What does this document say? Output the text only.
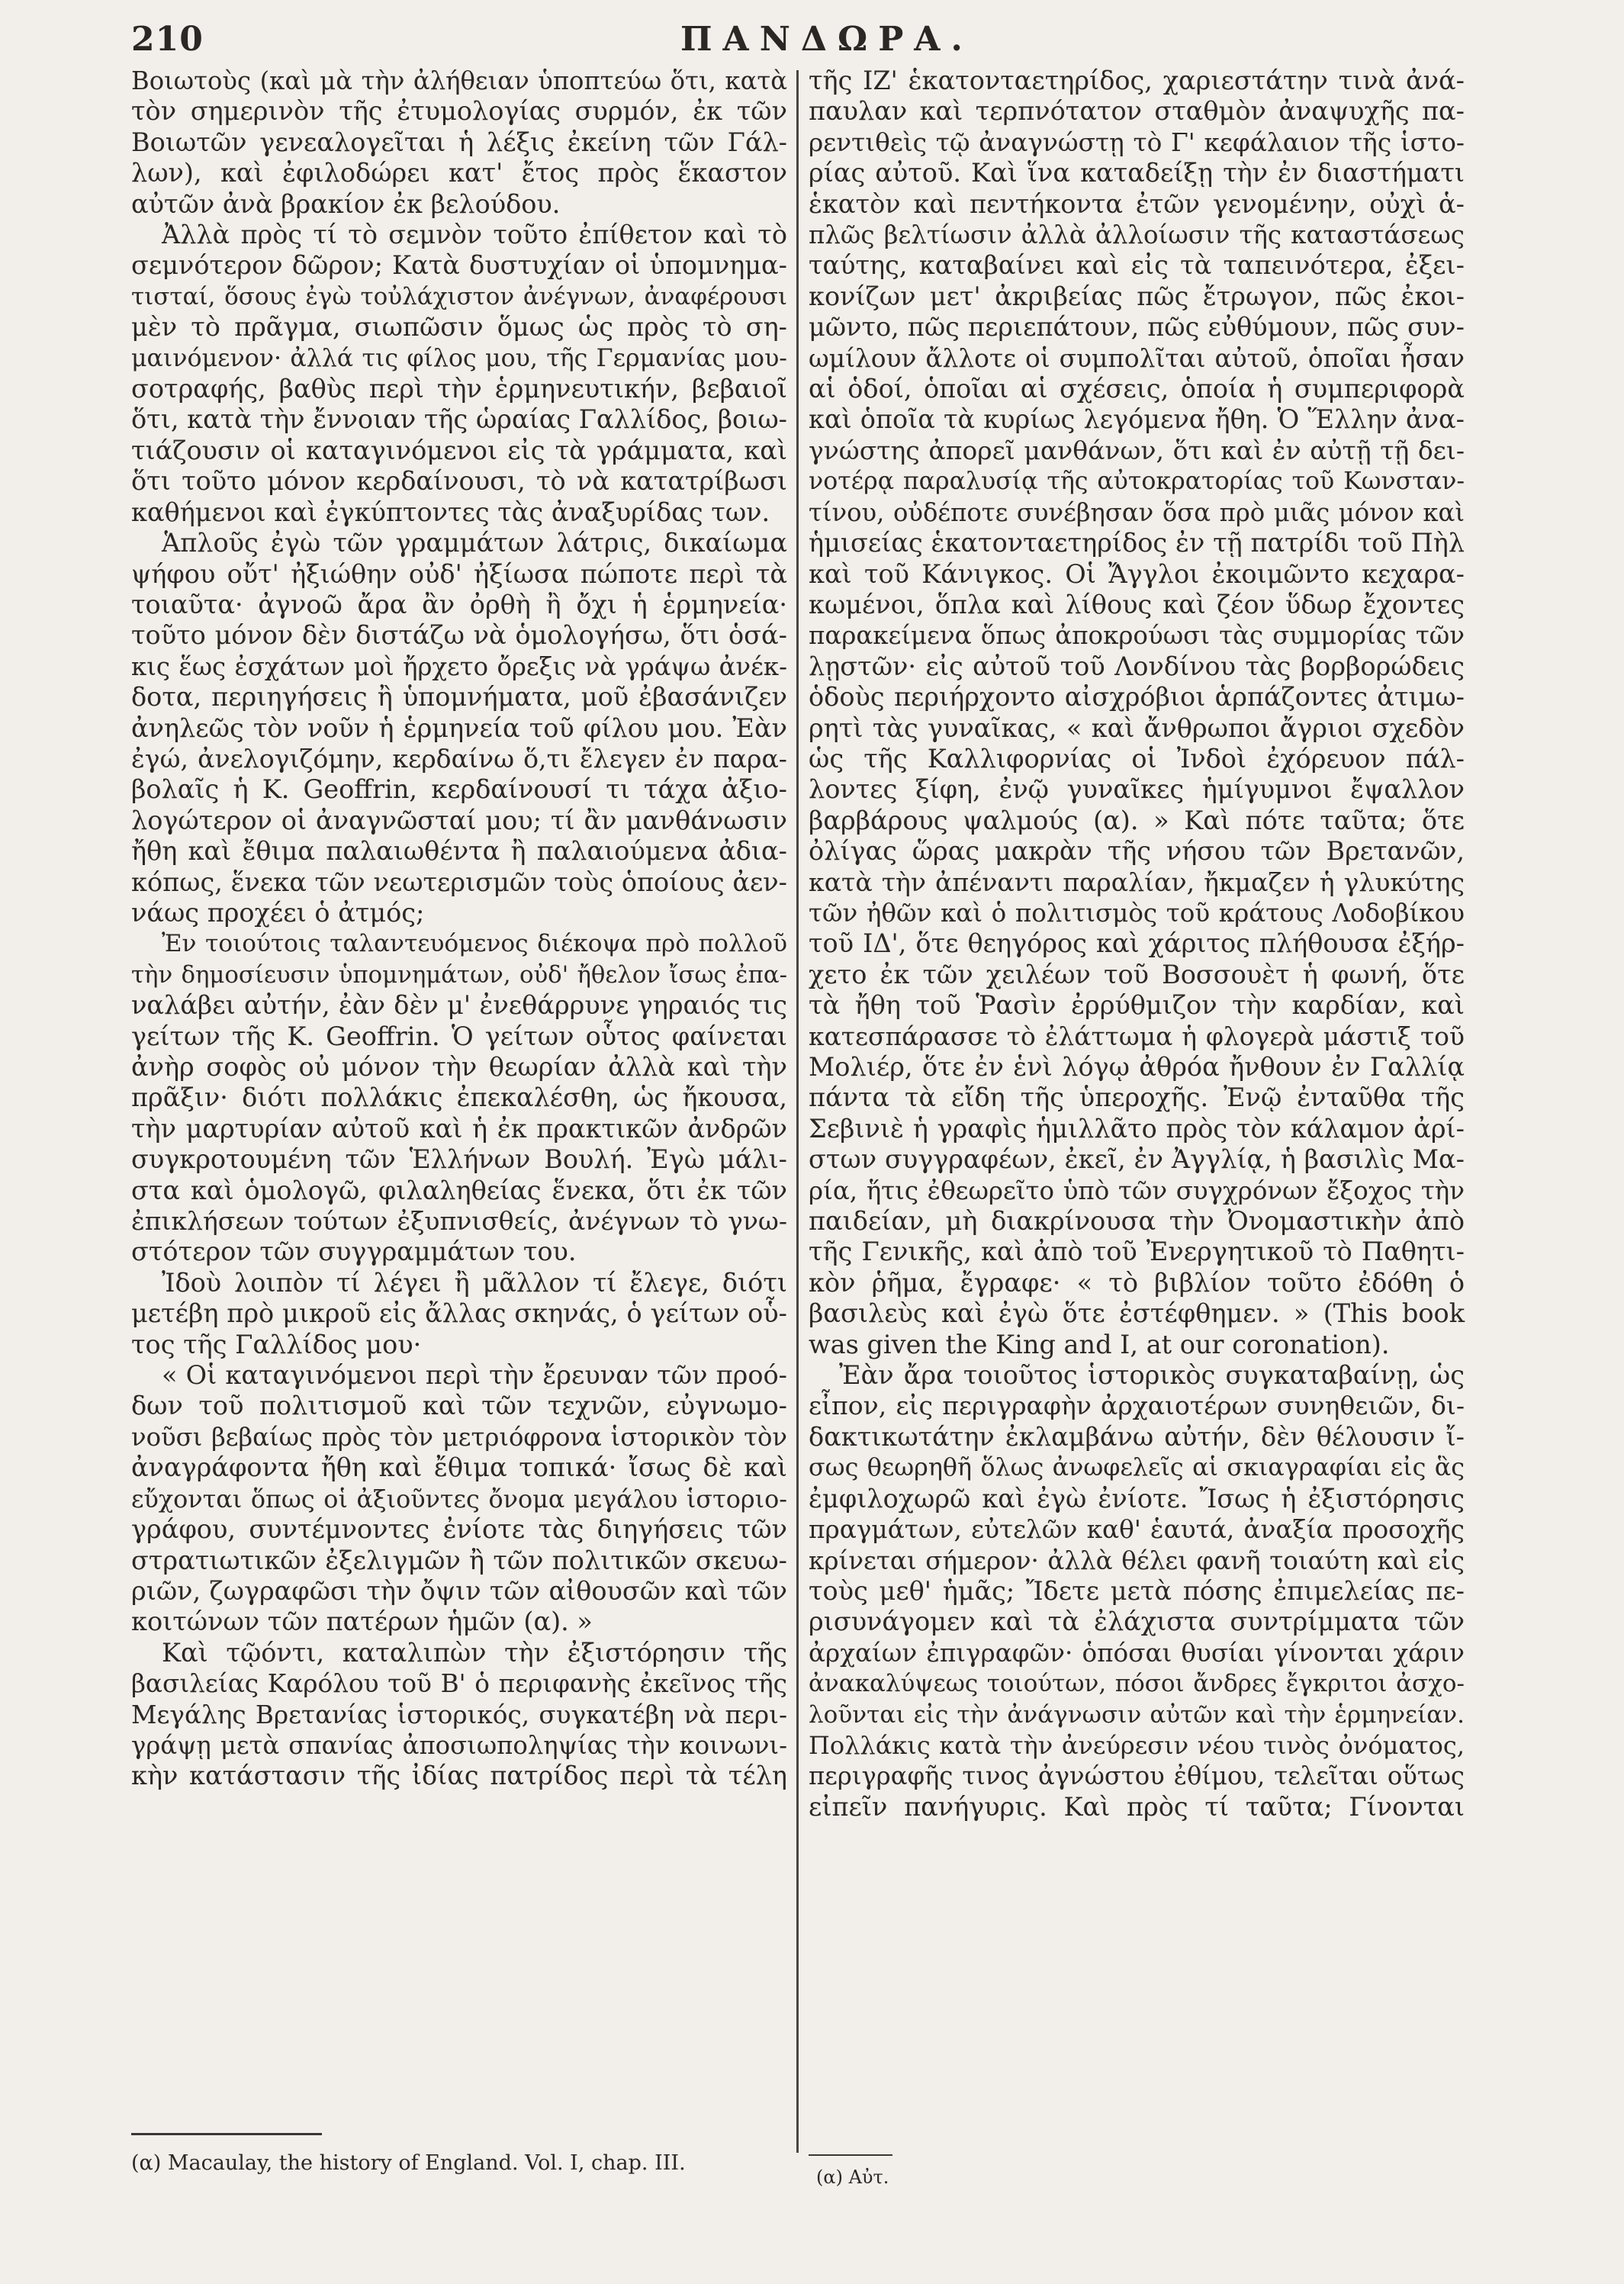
210	ΠΑΝΔΩΡΑ.
Βοιωτοὺς (καὶ μὰ τὴν ἀλήθειαν ὑποπτεύω ὅτι, κατὰ
τὸν σημερινὸν τῆς ἐτυμολογίας συρμόν, ἐκ τῶν
Βοιωτῶν γενεαλογεῖται ἡ λέξις ἐκείνη τῶν Γάλ-
λων), καὶ ἐφιλοδώρει κατ' ἔτος πρὸς ἕκαστον
αὐτῶν ἀνὰ βρακίον ἐκ βελούδου.
Ἀλλὰ πρὸς τί τὸ σεμνὸν τοῦτο ἐπίθετον καὶ τὸ
σεμνότερον δῶρον; Κατὰ δυστυχίαν οἱ ὑπομνημα-
τισταί, ὅσους ἐγὼ τοὐλάχιστον ἀνέγνων, ἀναφέρουσι
μὲν τὸ πρᾶγμα, σιωπῶσιν ὅμως ὡς πρὸς τὸ ση-
μαινόμενον· ἀλλά τις φίλος μου, τῆς Γερμανίας μου-
σοτραφής, βαθὺς περὶ τὴν ἑρμηνευτικήν, βεβαιοῖ
ὅτι, κατὰ τὴν ἔννοιαν τῆς ὡραίας Γαλλίδος, βοιω-
τιάζουσιν οἱ καταγινόμενοι εἰς τὰ γράμματα, καὶ
ὅτι τοῦτο μόνον κερδαίνουσι, τὸ νὰ κατατρίβωσι
καθήμενοι καὶ ἐγκύπτοντες τὰς ἀναξυρίδας των.
Ἁπλοῦς ἐγὼ τῶν γραμμάτων λάτρις, δικαίωμα
ψήφου οὔτ' ἠξιώθην οὐδ' ἠξίωσα πώποτε περὶ τὰ
τοιαῦτα· ἀγνοῶ ἄρα ἂν ὀρθὴ ἢ ὄχι ἡ ἑρμηνεία·
τοῦτο μόνον δὲν διστάζω νὰ ὁμολογήσω, ὅτι ὁσά-
κις ἕως ἐσχάτων μοὶ ἤρχετο ὄρεξις νὰ γράψω ἀνέκ-
δοτα, περιηγήσεις ἢ ὑπομνήματα, μοῦ ἐβασάνιζεν
ἀνηλεῶς τὸν νοῦν ἡ ἑρμηνεία τοῦ φίλου μου. Ἐὰν
ἐγώ, ἀνελογιζόμην, κερδαίνω ὅ,τι ἔλεγεν ἐν παρα-
βολαῖς ἡ K. Geoffrin, κερδαίνουσί τι τάχα ἀξιο-
λογώτερον οἱ ἀναγνῶσταί μου; τί ἂν μανθάνωσιν
ἤθη καὶ ἔθιμα παλαιωθέντα ἢ παλαιούμενα ἀδια-
κόπως, ἕνεκα τῶν νεωτερισμῶν τοὺς ὁποίους ἀεν-
νάως προχέει ὁ ἀτμός;
Ἐν τοιούτοις ταλαντευόμενος διέκοψα πρὸ πολλοῦ
τὴν δημοσίευσιν ὑπομνημάτων, οὐδ' ἤθελον ἴσως ἐπα-
ναλάβει αὐτήν, ἐὰν δὲν μ' ἐνεθάρρυνε γηραιός τις
γείτων τῆς K. Geoffrin. Ὁ γείτων οὗτος φαίνεται
ἀνὴρ σοφὸς οὐ μόνον τὴν θεωρίαν ἀλλὰ καὶ τὴν
πρᾶξιν· διότι πολλάκις ἐπεκαλέσθη, ὡς ἤκουσα,
τὴν μαρτυρίαν αὐτοῦ καὶ ἡ ἐκ πρακτικῶν ἀνδρῶν
συγκροτουμένη τῶν Ἑλλήνων Βουλή. Ἐγὼ μάλι-
στα καὶ ὁμολογῶ, φιλαληθείας ἕνεκα, ὅτι ἐκ τῶν
ἐπικλήσεων τούτων ἐξυπνισθείς, ἀνέγνων τὸ γνω-
στότερον τῶν συγγραμμάτων του.
Ἰδοὺ λοιπὸν τί λέγει ἢ μᾶλλον τί ἔλεγε, διότι
μετέβη πρὸ μικροῦ εἰς ἄλλας σκηνάς, ὁ γείτων οὗ-
τος τῆς Γαλλίδος μου·
« Οἱ καταγινόμενοι περὶ τὴν ἔρευναν τῶν προό-
δων τοῦ πολιτισμοῦ καὶ τῶν τεχνῶν, εὐγνωμο-
νοῦσι βεβαίως πρὸς τὸν μετριόφρονα ἱστορικὸν τὸν
ἀναγράφοντα ἤθη καὶ ἔθιμα τοπικά· ἴσως δὲ καὶ
εὔχονται ὅπως οἱ ἀξιοῦντες ὄνομα μεγάλου ἱστοριο-
γράφου, συντέμνοντες ἐνίοτε τὰς διηγήσεις τῶν
στρατιωτικῶν ἐξελιγμῶν ἢ τῶν πολιτικῶν σκευω-
ριῶν, ζωγραφῶσι τὴν ὄψιν τῶν αἰθουσῶν καὶ τῶν
κοιτώνων τῶν πατέρων ἡμῶν (α). »
Καὶ τῷόντι, καταλιπὼν τὴν ἐξιστόρησιν τῆς
βασιλείας Καρόλου τοῦ Β' ὁ περιφανὴς ἐκεῖνος τῆς
Μεγάλης Βρετανίας ἱστορικός, συγκατέβη νὰ περι-
γράψῃ μετὰ σπανίας ἀποσιωποληψίας τὴν κοινωνι-
κὴν κατάστασιν τῆς ἰδίας πατρίδος περὶ τὰ τέλη
τῆς ΙΖ' ἑκατονταετηρίδος, χαριεστάτην τινὰ ἀνά-
παυλαν καὶ τερπνότατον σταθμὸν ἀναψυχῆς πα-
ρεντιθεὶς τῷ ἀναγνώστῃ τὸ Γ' κεφάλαιον τῆς ἱστο-
ρίας αὐτοῦ. Καὶ ἵνα καταδείξῃ τὴν ἐν διαστήματι
ἑκατὸν καὶ πεντήκοντα ἐτῶν γενομένην, οὐχὶ ἁ-
πλῶς βελτίωσιν ἀλλὰ ἀλλοίωσιν τῆς καταστάσεως
ταύτης, καταβαίνει καὶ εἰς τὰ ταπεινότερα, ἐξει-
κονίζων μετ' ἀκριβείας πῶς ἔτρωγον, πῶς ἐκοι-
μῶντο, πῶς περιεπάτουν, πῶς εὐθύμουν, πῶς συν-
ωμίλουν ἄλλοτε οἱ συμπολῖται αὐτοῦ, ὁποῖαι ἦσαν
αἱ ὁδοί, ὁποῖαι αἱ σχέσεις, ὁποία ἡ συμπεριφορὰ
καὶ ὁποῖα τὰ κυρίως λεγόμενα ἤθη. Ὁ Ἕλλην ἀνα-
γνώστης ἀπορεῖ μανθάνων, ὅτι καὶ ἐν αὐτῇ τῇ δει-
νοτέρᾳ παραλυσίᾳ τῆς αὐτοκρατορίας τοῦ Κωνσταν-
τίνου, οὐδέποτε συνέβησαν ὅσα πρὸ μιᾶς μόνον καὶ
ἡμισείας ἑκατονταετηρίδος ἐν τῇ πατρίδι τοῦ Πὴλ
καὶ τοῦ Κάνιγκος. Οἱ Ἄγγλοι ἐκοιμῶντο κεχαρα-
κωμένοι, ὅπλα καὶ λίθους καὶ ζέον ὕδωρ ἔχοντες
παρακείμενα ὅπως ἀποκρούωσι τὰς συμμορίας τῶν
λῃστῶν· εἰς αὐτοῦ τοῦ Λονδίνου τὰς βορβορώδεις
ὁδοὺς περιήρχοντο αἰσχρόβιοι ἁρπάζοντες ἀτιμω-
ρητὶ τὰς γυναῖκας, « καὶ ἄνθρωποι ἄγριοι σχεδὸν
ὡς τῆς Καλλιφορνίας οἱ Ἰνδοὶ ἐχόρευον πάλ-
λοντες ξίφη, ἐνῷ γυναῖκες ἡμίγυμνοι ἔψαλλον
βαρβάρους ψαλμούς (α). » Καὶ πότε ταῦτα; ὅτε
ὀλίγας ὥρας μακρὰν τῆς νήσου τῶν Βρετανῶν,
κατὰ τὴν ἀπέναντι παραλίαν, ἤκμαζεν ἡ γλυκύτης
τῶν ἠθῶν καὶ ὁ πολιτισμὸς τοῦ κράτους Λοδοβίκου
τοῦ ΙΔ', ὅτε θεηγόρος καὶ χάριτος πλήθουσα ἐξήρ-
χετο ἐκ τῶν χειλέων τοῦ Βοσσουὲτ ἡ φωνή, ὅτε
τὰ ἤθη τοῦ Ῥασὶν ἐρρύθμιζον τὴν καρδίαν, καὶ
κατεσπάρασσε τὸ ἐλάττωμα ἡ φλογερὰ μάστιξ τοῦ
Μολιέρ, ὅτε ἐν ἑνὶ λόγῳ ἀθρόα ἤνθουν ἐν Γαλλίᾳ
πάντα τὰ εἴδη τῆς ὑπεροχῆς. Ἐνῷ ἐνταῦθα τῆς
Σεβινιὲ ἡ γραφὶς ἡμιλλᾶτο πρὸς τὸν κάλαμον ἀρί-
στων συγγραφέων, ἐκεῖ, ἐν Ἀγγλίᾳ, ἡ βασιλὶς Μα-
ρία, ἥτις ἐθεωρεῖτο ὑπὸ τῶν συγχρόνων ἔξοχος τὴν
παιδείαν, μὴ διακρίνουσα τὴν Ὀνομαστικὴν ἀπὸ
τῆς Γενικῆς, καὶ ἀπὸ τοῦ Ἐνεργητικοῦ τὸ Παθητι-
κὸν ῥῆμα, ἔγραφε· « τὸ βιβλίον τοῦτο ἐδόθη ὁ
βασιλεὺς καὶ ἐγὼ ὅτε ἐστέφθημεν. » (This book
was given the King and I, at our coronation).
Ἐὰν ἄρα τοιοῦτος ἱστορικὸς συγκαταβαίνῃ, ὡς
εἶπον, εἰς περιγραφὴν ἀρχαιοτέρων συνηθειῶν, δι-
δακτικωτάτην ἐκλαμβάνω αὐτήν, δὲν θέλουσιν ἴ-
σως θεωρηθῆ ὅλως ἀνωφελεῖς αἱ σκιαγραφίαι εἰς ἃς
ἐμφιλοχωρῶ καὶ ἐγὼ ἐνίοτε. Ἴσως ἡ ἐξιστόρησις
πραγμάτων, εὐτελῶν καθ' ἑαυτά, ἀναξία προσοχῆς
κρίνεται σήμερον· ἀλλὰ θέλει φανῆ τοιαύτη καὶ εἰς
τοὺς μεθ' ἡμᾶς; Ἴδετε μετὰ πόσης ἐπιμελείας πε-
ρισυνάγομεν καὶ τὰ ἐλάχιστα συντρίμματα τῶν
ἀρχαίων ἐπιγραφῶν· ὁπόσαι θυσίαι γίνονται χάριν
ἀνακαλύψεως τοιούτων, πόσοι ἄνδρες ἔγκριτοι ἀσχο-
λοῦνται εἰς τὴν ἀνάγνωσιν αὐτῶν καὶ τὴν ἑρμηνείαν.
Πολλάκις κατὰ τὴν ἀνεύρεσιν νέου τινὸς ὀνόματος,
περιγραφῆς τινος ἀγνώστου ἐθίμου, τελεῖται οὕτως
εἰπεῖν πανήγυρις. Καὶ πρὸς τί ταῦτα; Γίνονται
(α) Macaulay, the history of England. Vol. I, chap. III.
(α) Αὐτ.
